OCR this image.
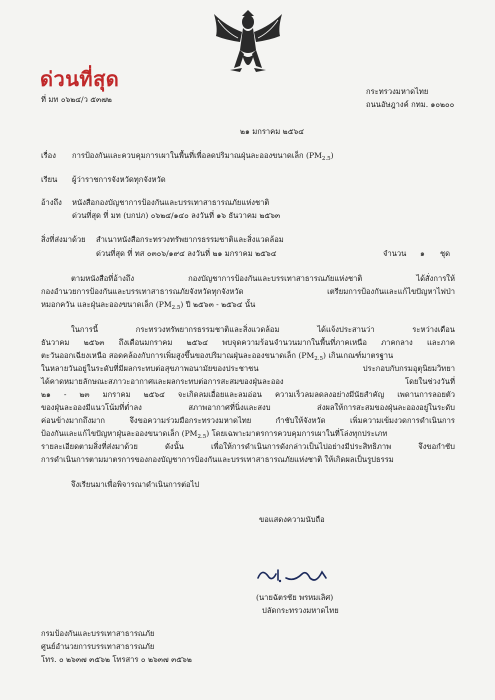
ด่วนที่สุด
ที่ มท ๐๖๒๔/ว ๕๓๗๒
กระทรวงมหาดไทย
ถนนอัษฎางค์ กทม. ๑๐๒๐๐
๒๑ มกราคม ๒๕๖๔
เรื่อง การป้องกันและควบคุมการเผาในพื้นที่เพื่อลดปริมาณฝุ่นละอองขนาดเล็ก $(PM_{2.5})$
เรียน ผู้ว่าราชการจังหวัดทุกจังหวัด
อ้างถึง หนังสือกองบัญชาการป้องกันและบรรเทาสาธารณภัยแห่งชาติ
ด่วนที่สุด ที่ มท (บกปภ) ๐๖๒๔/๑๔๐ ลงวันที่ ๑๖ ธันวาคม ๒๕๖๓
สิ่งที่ส่งมาด้วย สำเนาหนังสือกระทรวงทรัพยากรธรรมชาติและสิ่งแวดล้อม
ด่วนที่สุด ที่ ทส ๐๓๐๖/๑๙๔ ลงวันที่ ๒๑ มกราคม ๒๕๖๔	จำนวน ๑ ชุด
ตามหนังสือที่อ้างถึง กองบัญชาการป้องกันและบรรเทาสาธารณภัยแห่งชาติ ได้สั่งการให้
กองอำนวยการป้องกันและบรรเทาสาธารณภัยจังหวัดทุกจังหวัด เตรียมการป้องกันและแก้ไขปัญหาไฟป่า
หมอกควัน และฝุ่นละอองขนาดเล็ก $(PM_{2.5})$ ปี ๒๕๖๓ - ๒๕๖๔ นั้น
ในการนี้ กระทรวงทรัพยากรธรรมชาติและสิ่งแวดล้อม ได้แจ้งประสานว่า ระหว่างเดือน
ธันวาคม ๒๕๖๓ ถึงเดือนมกราคม ๒๕๖๔ พบจุดความร้อนจำนวนมากในพื้นที่ภาคเหนือ ภาคกลาง และภาค
ตะวันออกเฉียงเหนือ สอดคล้องกับการเพิ่มสูงขึ้นของปริมาณฝุ่นละอองขนาดเล็ก $(PM_{2.5})$ เกินเกณฑ์มาตรฐาน
ในหลายวันอยู่ในระดับที่มีผลกระทบต่อสุขภาพอนามัยของประชาชน ประกอบกับกรมอุตุนิยมวิทยา
ได้คาดหมายลักษณะสภาวะอากาศและผลกระทบต่อการสะสมของฝุ่นละออง โดยในช่วงวันที่
๒๑ - ๒๓ มกราคม ๒๕๖๔ จะเกิดลมเอื่อยและลมอ่อน ความเร็วลมลดลงอย่างมีนัยสำคัญ เพดานการลอยตัว
ของฝุ่นละอองมีแนวโน้มที่ต่ำลง สภาพอากาศที่นิ่งและสงบ ส่งผลให้การสะสมของฝุ่นละอองอยู่ในระดับ
ค่อนข้างมากถึงมาก จึงขอความร่วมมือกระทรวงมหาดไทย กำชับให้จังหวัด เพิ่มความเข้มงวดการดำเนินการ
ป้องกันและแก้ไขปัญหาฝุ่นละอองขนาดเล็ก $(PM_{2.5})$ โดยเฉพาะมาตรการควบคุมการเผาในที่โล่งทุกประเภท
รายละเอียดตามสิ่งที่ส่งมาด้วย ดังนั้น เพื่อให้การดำเนินการดังกล่าวเป็นไปอย่างมีประสิทธิภาพ จึงขอกำชับ
การดำเนินการตามมาตรการของกองบัญชาการป้องกันและบรรเทาสาธารณภัยแห่งชาติ ให้เกิดผลเป็นรูปธรรม
จึงเรียนมาเพื่อพิจารณาดำเนินการต่อไป
ขอแสดงความนับถือ
(นายฉัตรชัย พรหมเลิศ)
ปลัดกระทรวงมหาดไทย
กรมป้องกันและบรรเทาสาธารณภัย
ศูนย์อำนวยการบรรเทาสาธารณภัย
โทร. ๐ ๒๖๓๗ ๓๕๖๒ โทรสาร ๐ ๒๖๓๗ ๓๕๖๒
